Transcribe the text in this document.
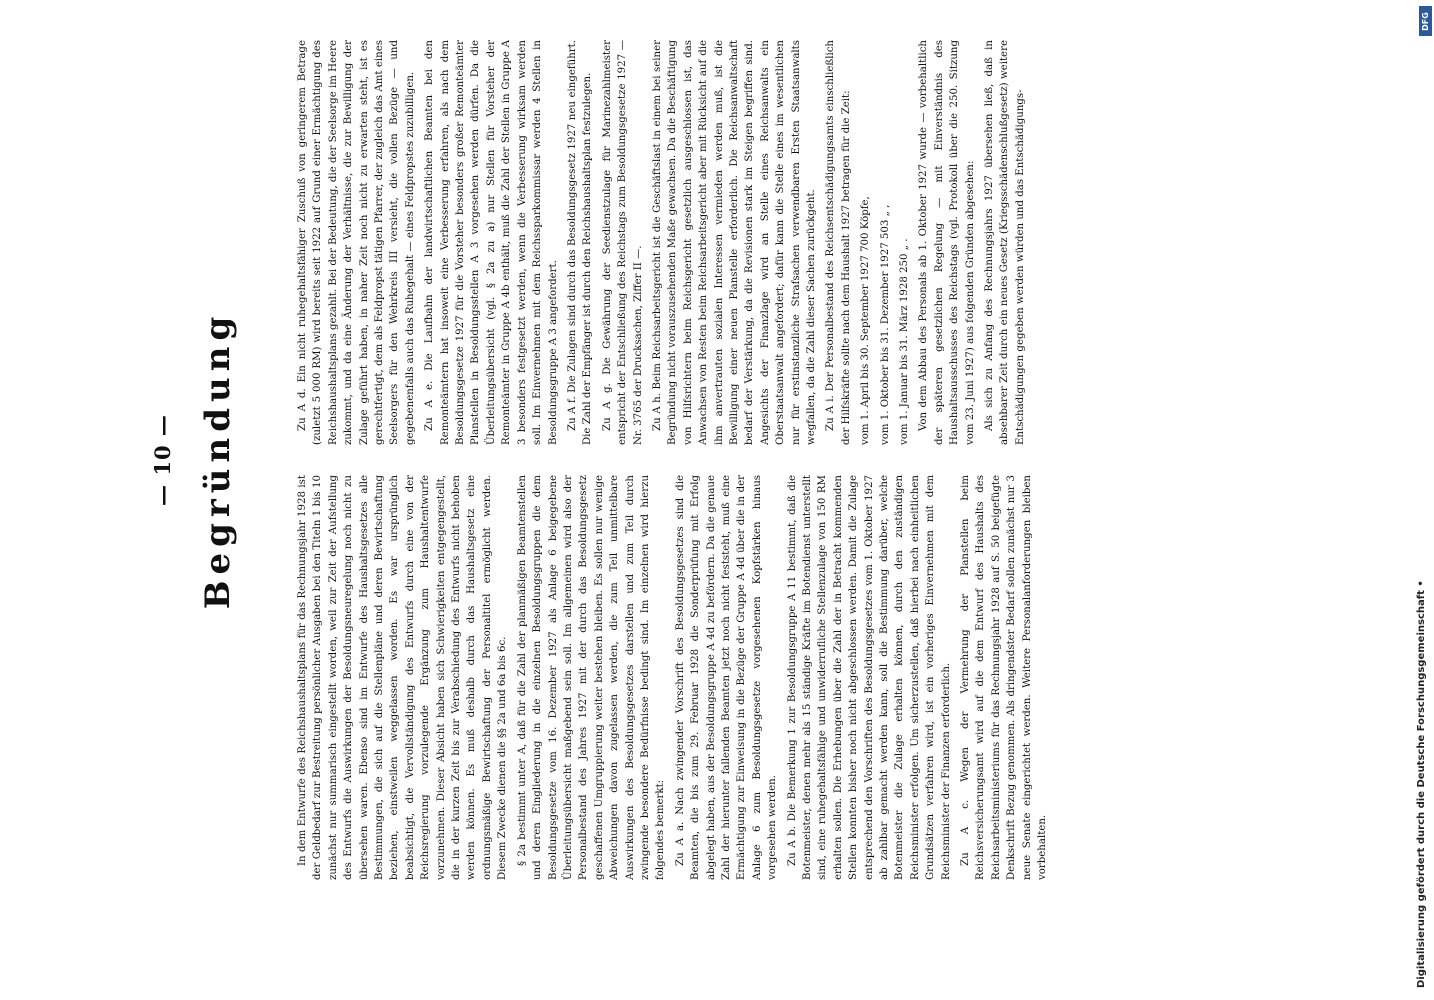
— 10 — Begründung

In dem Entwurfe des Reichshaushaltsplans für das Rechnungsjahr 1928 ist der Geldbedarf zur Bestreitung persönlicher Ausgaben bei den Titeln 1 bis 10 zunächst nur summarisch eingestellt worden, weil zur Zeit der Aufstellung des Entwurfs die Auswirkungen der Besoldungsneuregelung noch nicht zu übersehen waren. Ebenso sind im Entwurfe des Haushaltsgesetzes alle Bestimmungen, die sich auf die Stellenpläne und deren Bewirtschaftung beziehen, einstweilen weggelassen worden. Es war ursprünglich beabsichtigt, die Vervollständigung des Entwurfs durch eine von der Reichsregierung vorzulegende Ergänzung zum Haushaltentwurfe vorzunehmen. Dieser Absicht haben sich Schwierigkeiten entgegengestellt, die in der kurzen Zeit bis zur Verabschiedung des Entwurfs nicht behoben werden können. Es muß deshalb durch das Haushaltsgesetz eine ordnungsmäßige Bewirtschaftung der Personaltitel ermöglicht werden. Diesem Zwecke dienen die §§ 2a und 6a bis 6c. § 2a bestimmt unter A, daß für die Zahl der planmäßigen Beamtenstellen und deren Eingliederung in die einzelnen Besoldungsgruppen die dem Besoldungsgesetze vom 16. Dezember 1927 als Anlage 6 beigegebene Überleitungsübersicht maßgebend sein soll. Im allgemeinen wird also der Personalbestand des Jahres 1927 mit der durch das Besoldungsgesetz geschaffenen Umgruppierung weiter bestehen bleiben. Es sollen nur wenige Abweichungen davon zugelassen werden, die zum Teil unmittelbare Auswirkungen des Besoldungsgesetzes darstellen und zum Teil durch zwingende besondere Bedürfnisse bedingt sind. Im einzelnen wird hierzu folgendes bemerkt: Zu A a. Nach zwingender Vorschrift des Besoldungsgesetzes sind die Beamten, die bis zum 29. Februar 1928 die Sonderprüfung mit Erfolg abgelegt haben, aus der Besoldungsgruppe A 4d zu befördern. Da die genaue Zahl der hierunter fallenden Beamten jetzt noch nicht feststeht, muß eine Ermächtigung zur Einweisung in die Bezüge der Gruppe A 4d über die in der Anlage 6 zum Besoldungsgesetze vorgesehenen Kopfstärken hinaus vorgesehen werden. Zu A b. Die Bemerkung 1 zur Besoldungsgruppe A 11 bestimmt, daß die Botenmeister, denen mehr als 15 ständige Kräfte im Botendienst unterstellt sind, eine ruhegehaltsfähige und unwiderrufliche Stellenzulage von 150 RM erhalten sollen. Die Erhebungen über die Zahl der in Betracht kommenden Stellen konnten bisher noch nicht abgeschlossen werden. Damit die Zulage entsprechend den Vorschriften des Besoldungsgesetzes vom 1. Oktober 1927 ab zahlbar gemacht werden kann, soll die Bestimmung darüber, welche Botenmeister die Zulage erhalten können, durch den zuständigen Reichsminister erfolgen. Um sicherzustellen, daß hierbei nach einheitlichen Grundsätzen verfahren wird, ist ein vorheriges Einvernehmen mit dem Reichsminister der Finanzen erforderlich. Zu A c. Wegen der Vermehrung der Planstellen beim Reichsversicherungsamt wird auf die dem Entwurf des Haushalts des Reichsarbeitsministeriums für das Rechnungsjahr 1928 auf S. 50 beigefügte Denkschrift Bezug genommen. Als dringendster Bedarf sollen zunächst nur 3 neue Senate eingerichtet werden. Weitere Personalanforderungen bleiben vorbehalten.

Zu A d. Ein nicht ruhegehaltsfähiger Zuschuß von geringerem Betrage (zuletzt 5 000 RM) wird bereits seit 1922 auf Grund einer Ermächtigung des Reichshaushaltsplans gezahlt. Bei der Bedeutung, die der Seelsorge im Heere zukommt, und da eine Änderung der Verhältnisse, die zur Bewilligung der Zulage geführt haben, in naher Zeit noch nicht zu erwarten steht, ist es gerechtfertigt, dem als Feldpropst tätigen Pfarrer, der zugleich das Amt eines Seelsorgers für den Wehrkreis III versieht, die vollen Bezüge — und gegebenenfalls auch das Ruhegehalt — eines Feldpropstes zuzubilligen. Zu A e. Die Laufbahn der landwirtschaftlichen Beamten bei den Remonteämtern hat insoweit eine Verbesserung erfahren, als nach dem Besoldungsgesetze 1927 für die Vorsteher besonders großer Remonteämter Planstellen in Besoldungsstellen A 3 vorgesehen werden dürfen. Da die Überleitungsübersicht (vgl. § 2a zu a) nur Stellen für Vorsteher der Remonteämter in Gruppe A 4b enthält, muß die Zahl der Stellen in Gruppe A 3 besonders festgesetzt werden, wenn die Verbesserung wirksam werden soll. Im Einvernehmen mit dem Reichssparkommissar werden 4 Stellen in Besoldungsgruppe A 3 angefordert. Zu A f. Die Zulagen sind durch das Besoldungsgesetz 1927 neu eingeführt. Die Zahl der Empfänger ist durch den Reichshaushaltsplan festzulegen. Zu A g. Die Gewährung der Seedienstzulage für Marinezahlmeister entspricht der Entschließung des Reichstags zum Besoldungsgesetze 1927 — Nr. 3765 der Drucksachen, Ziffer II —. Zu A h. Beim Reichsarbeitsgericht ist die Geschäftslast in einem bei seiner Begründung nicht vorauszusehenden Maße gewachsen. Da die Beschäftigung von Hilfsrichtern beim Reichsgericht gesetzlich ausgeschlossen ist, das Anwachsen von Resten beim Reichsarbeitsgericht aber mit Rücksicht auf die ihm anvertrauten sozialen Interessen vermieden werden muß, ist die Bewilligung einer neuen Planstelle erforderlich. Die Reichsanwaltschaft bedarf der Verstärkung, da die Revisionen stark im Steigen begriffen sind. Angesichts der Finanzlage wird an Stelle eines Reichsanwalts ein Oberstaatsanwalt angefordert; dafür kann die Stelle eines im wesentlichen nur für erstinstanzliche Strafsachen verwendbaren Ersten Staatsanwalts wegfallen, da die Zahl dieser Sachen zurückgeht. Zu A i. Der Personalbestand des Reichsentschädigungsamts einschließlich der Hilfskräfte sollte nach dem Haushalt 1927 betragen für die Zeit: vom 1. April bis 30. September 1927 700 Köpfe, vom 1. Oktober bis 31. Dezember 1927 503 „ , vom 1. Januar bis 31. März 1928 250 „ . Von dem Abbau des Personals ab 1. Oktober 1927 wurde — vorbehaltlich der späteren gesetzlichen Regelung — mit Einverständnis des Haushaltsausschusses des Reichstags (vgl. Protokoll über die 250. Sitzung vom 23. Juni 1927) aus folgenden Gründen abgesehen: Als sich zu Anfang des Rechnungsjahrs 1927 übersehen ließ, daß in absehbarer Zeit durch ein neues Gesetz (Kriegsschädenschlußgesetz) weitere Entschädigungen gegeben werden würden und das Entschädigungs-

Digitalisierung gefördert durch die Deutsche Forschungsgemeinschaft •
DFG
